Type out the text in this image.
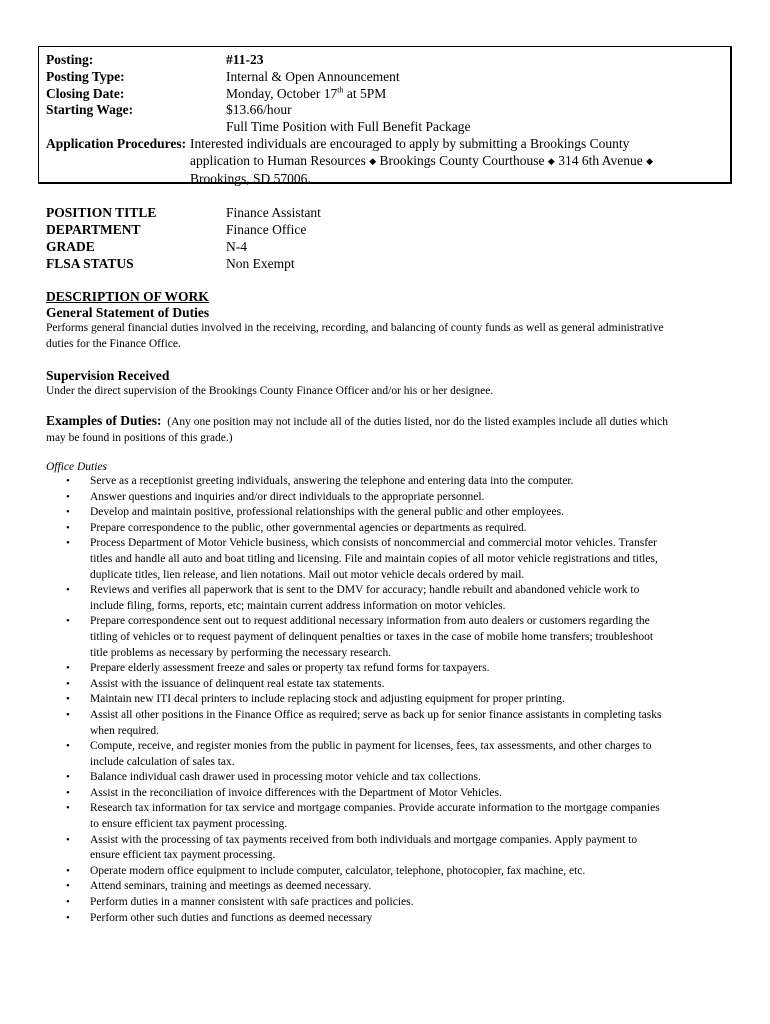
Posting:	#11-23
Posting Type:	Internal & Open Announcement
Closing Date:	Monday, October 17th at 5PM
Starting Wage:	$13.66/hour
Full Time Position with Full Benefit Package
Application Procedures: Interested individuals are encouraged to apply by submitting a Brookings County
application to Human Resources ◆ Brookings County Courthouse ◆ 314 6th Avenue ◆
Brookings, SD 57006.
POSITION TITLE	Finance Assistant
DEPARTMENT	Finance Office
GRADE	N-4
FLSA STATUS	Non Exempt
DESCRIPTION OF WORK
General Statement of Duties
Performs general financial duties involved in the receiving, recording, and balancing of county funds as well as general administrative
duties for the Finance Office.
Supervision Received
Under the direct supervision of the Brookings County Finance Officer and/or his or her designee.
Examples of Duties: (Any one position may not include all of the duties listed, nor do the listed examples include all duties which
may be found in positions of this grade.)
Office Duties
• Serve as a receptionist greeting individuals, answering the telephone and entering data into the computer.
• Answer questions and inquiries and/or direct individuals to the appropriate personnel.
• Develop and maintain positive, professional relationships with the general public and other employees.
• Prepare correspondence to the public, other governmental agencies or departments as required.
• Process Department of Motor Vehicle business, which consists of noncommercial and commercial motor vehicles. Transfer
titles and handle all auto and boat titling and licensing. File and maintain copies of all motor vehicle registrations and titles,
duplicate titles, lien release, and lien notations. Mail out motor vehicle decals ordered by mail.
• Reviews and verifies all paperwork that is sent to the DMV for accuracy; handle rebuilt and abandoned vehicle work to
include filing, forms, reports, etc; maintain current address information on motor vehicles.
• Prepare correspondence sent out to request additional necessary information from auto dealers or customers regarding the
titling of vehicles or to request payment of delinquent penalties or taxes in the case of mobile home transfers; troubleshoot
title problems as necessary by performing the necessary research.
• Prepare elderly assessment freeze and sales or property tax refund forms for taxpayers.
• Assist with the issuance of delinquent real estate tax statements.
• Maintain new ITI decal printers to include replacing stock and adjusting equipment for proper printing.
• Assist all other positions in the Finance Office as required; serve as back up for senior finance assistants in completing tasks
when required.
• Compute, receive, and register monies from the public in payment for licenses, fees, tax assessments, and other charges to
include calculation of sales tax.
• Balance individual cash drawer used in processing motor vehicle and tax collections.
• Assist in the reconciliation of invoice differences with the Department of Motor Vehicles.
• Research tax information for tax service and mortgage companies. Provide accurate information to the mortgage companies
to ensure efficient tax payment processing.
• Assist with the processing of tax payments received from both individuals and mortgage companies. Apply payment to
ensure efficient tax payment processing.
• Operate modern office equipment to include computer, calculator, telephone, photocopier, fax machine, etc.
• Attend seminars, training and meetings as deemed necessary.
• Perform duties in a manner consistent with safe practices and policies.
• Perform other such duties and functions as deemed necessary
